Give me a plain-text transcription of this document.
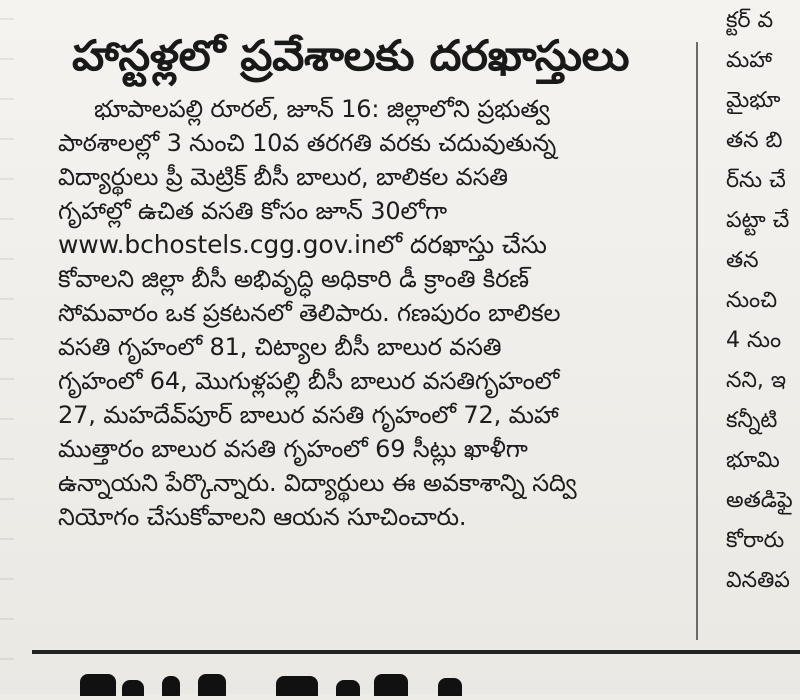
హాస్టళ్లలో ప్రవేశాలకు దరఖాస్తులు
భూపాలపల్లి రూరల్, జూన్ 16: జిల్లాలోని ప్రభుత్వ
పాఠశాలల్లో 3 నుంచి 10వ తరగతి వరకు చదువుతున్న
విద్యార్థులు ప్రీ మెట్రిక్ బీసీ బాలుర, బాలికల వసతి
గృహాల్లో ఉచిత వసతి కోసం జూన్ 30లోగా
www.bchostels.cgg.gov.inలో దరఖాస్తు చేసు
కోవాలని జిల్లా బీసీ అభివృద్ధి అధికారి డీ క్రాంతి కిరణ్
సోమవారం ఒక ప్రకటనలో తెలిపారు. గణపురం బాలికల
వసతి గృహంలో 81, చిట్యాల బీసీ బాలుర వసతి
గృహంలో 64, మొగుళ్లపల్లి బీసీ బాలుర వసతిగృహంలో
27, మహదేవ్‌పూర్ బాలుర వసతి గృహంలో 72, మహా
ముత్తారం బాలుర వసతి గృహంలో 69 సీట్లు ఖాళీగా
ఉన్నాయని పేర్కొన్నారు. విద్యార్థులు ఈ అవకాశాన్ని సద్వి
నియోగం చేసుకోవాలని ఆయన సూచించారు.
క్టర్ వ
మహా
మైభూ
తన బి
ర్‌ను చే
పట్టా చే
తన
నుంచి
4 నుం
నని, ఇ
కన్నీటి
భూమి
అతడిఫై
కోరారు
వినతిప
